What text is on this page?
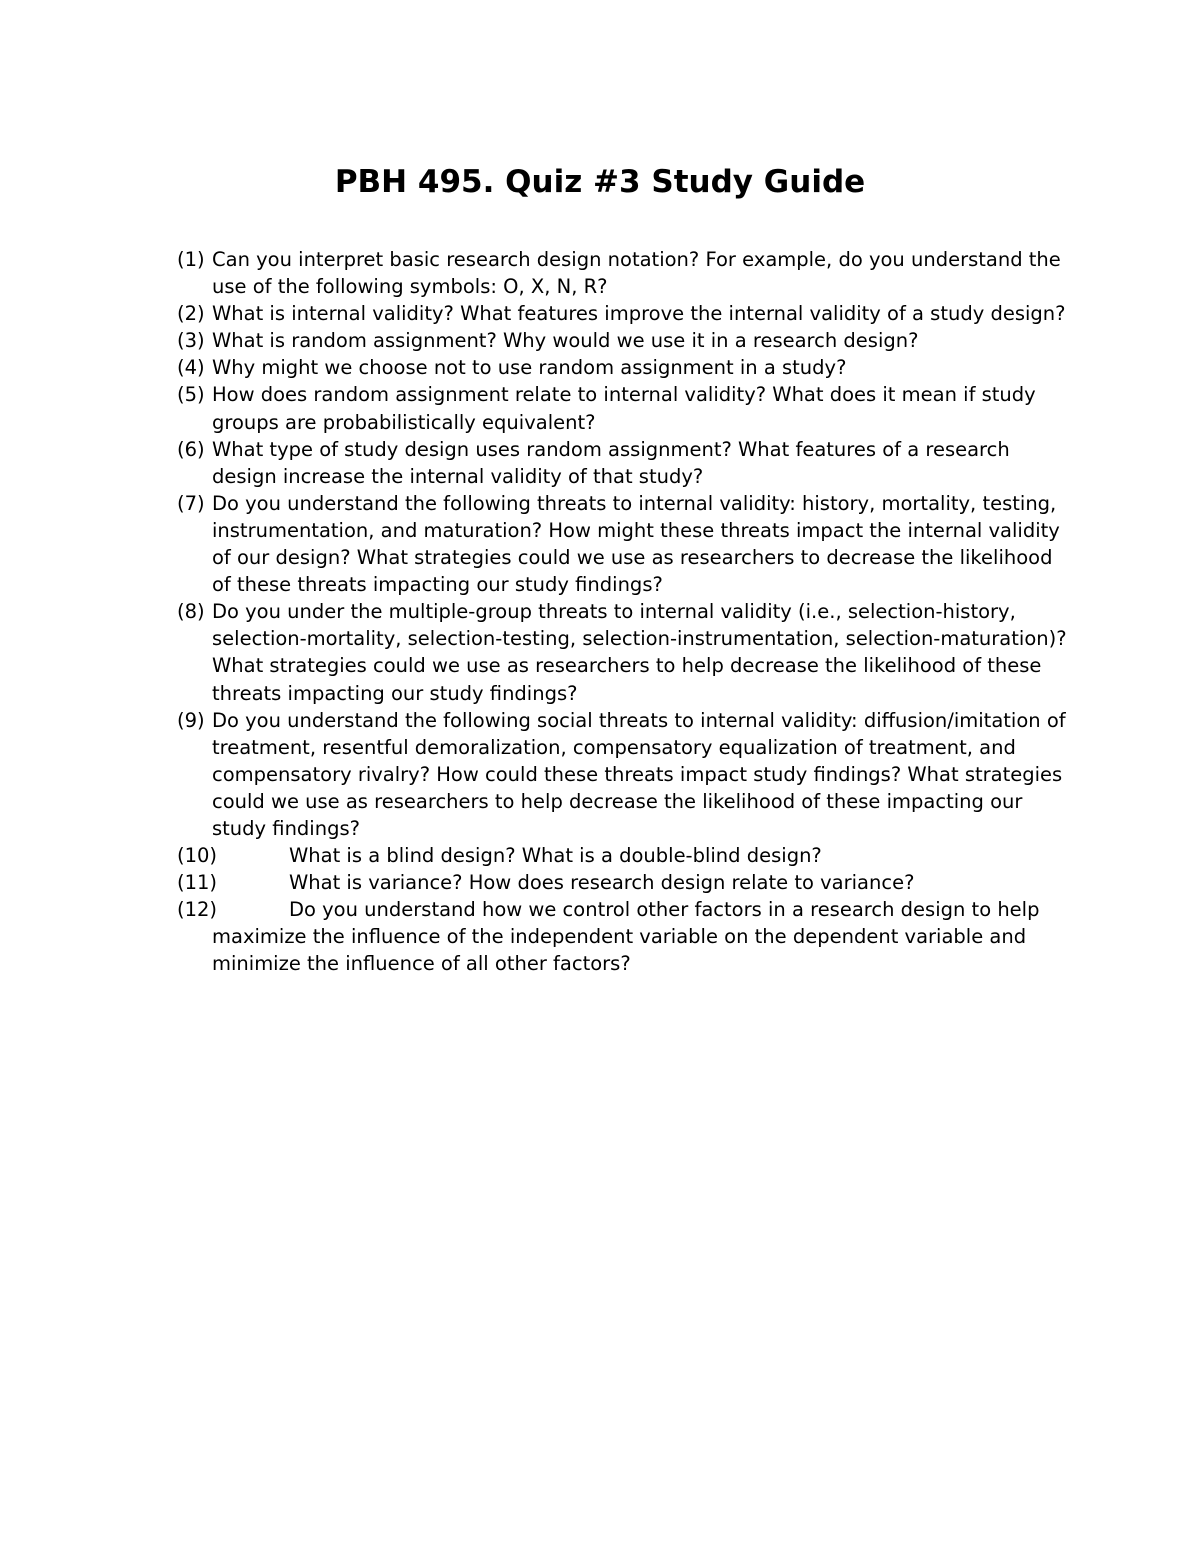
PBH 495. Quiz #3 Study Guide
(1) Can you interpret basic research design notation? For example, do you understand the use of the following symbols: O, X, N, R?
(2) What is internal validity? What features improve the internal validity of a study design?
(3) What is random assignment? Why would we use it in a research design?
(4) Why might we choose not to use random assignment in a study?
(5) How does random assignment relate to internal validity? What does it mean if study groups are probabilistically equivalent?
(6) What type of study design uses random assignment? What features of a research design increase the internal validity of that study?
(7) Do you understand the following threats to internal validity: history, mortality, testing, instrumentation, and maturation? How might these threats impact the internal validity of our design? What strategies could we use as researchers to decrease the likelihood of these threats impacting our study findings?
(8) Do you under the multiple-group threats to internal validity (i.e., selection-history, selection-mortality, selection-testing, selection-instrumentation, selection-maturation)? What strategies could we use as researchers to help decrease the likelihood of these threats impacting our study findings?
(9) Do you understand the following social threats to internal validity: diffusion/imitation of treatment, resentful demoralization, compensatory equalization of treatment, and compensatory rivalry? How could these threats impact study findings? What strategies could we use as researchers to help decrease the likelihood of these impacting our study findings?
(10)	What is a blind design? What is a double-blind design?
(11)	What is variance? How does research design relate to variance?
(12)	Do you understand how we control other factors in a research design to help maximize the influence of the independent variable on the dependent variable and minimize the influence of all other factors?
